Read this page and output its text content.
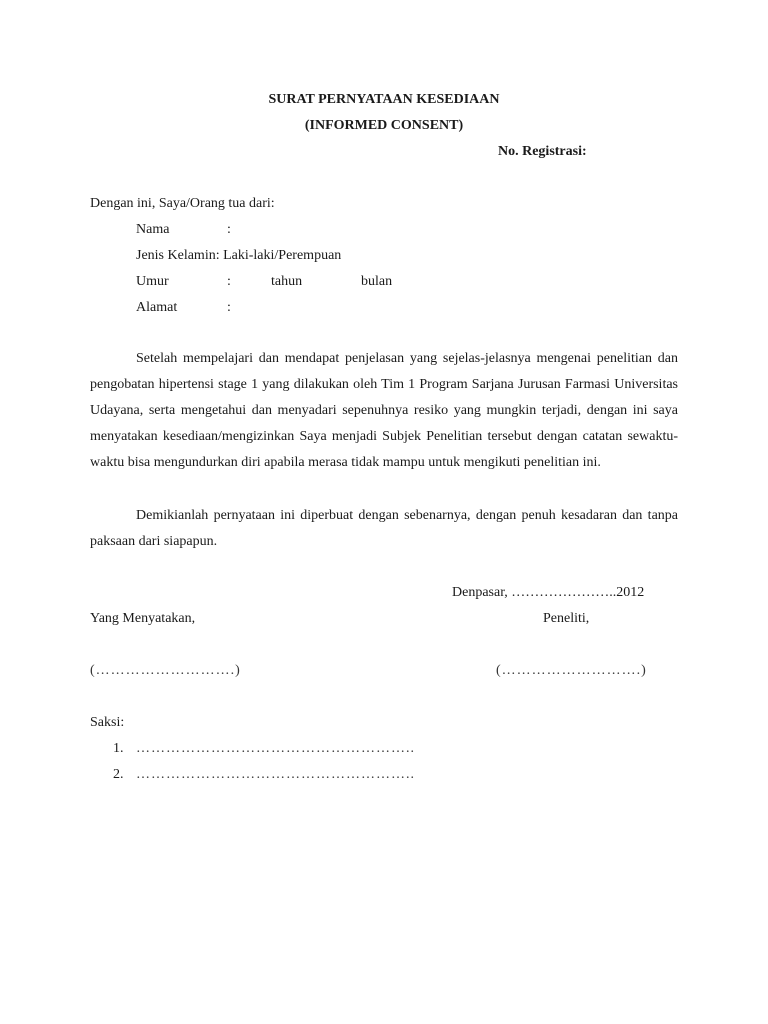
SURAT PERNYATAAN KESEDIAAN
(INFORMED CONSENT)
No. Registrasi:
Dengan ini, Saya/Orang tua dari:
Nama	:
Jenis Kelamin: Laki-laki/Perempuan
Umur	:	tahun	bulan
Alamat	:

Setelah mempelajari dan mendapat penjelasan yang sejelas-jelasnya mengenai penelitian dan pengobatan hipertensi stage 1 yang dilakukan oleh Tim 1 Program Sarjana Jurusan Farmasi Universitas Udayana, serta mengetahui dan menyadari sepenuhnya resiko yang mungkin terjadi, dengan ini saya menyatakan kesediaan/mengizinkan Saya menjadi Subjek Penelitian tersebut dengan catatan sewaktu-waktu bisa mengundurkan diri apabila merasa tidak mampu untuk mengikuti penelitian ini.

Demikianlah pernyataan ini diperbuat dengan sebenarnya, dengan penuh kesadaran dan tanpa paksaan dari siapapun.

Denpasar, …………………..2012
Yang Menyatakan,	Peneliti,
(……………………….)	(……………………….)
Saksi:
1. ………………………………………………..
2. ………………………………………………..
